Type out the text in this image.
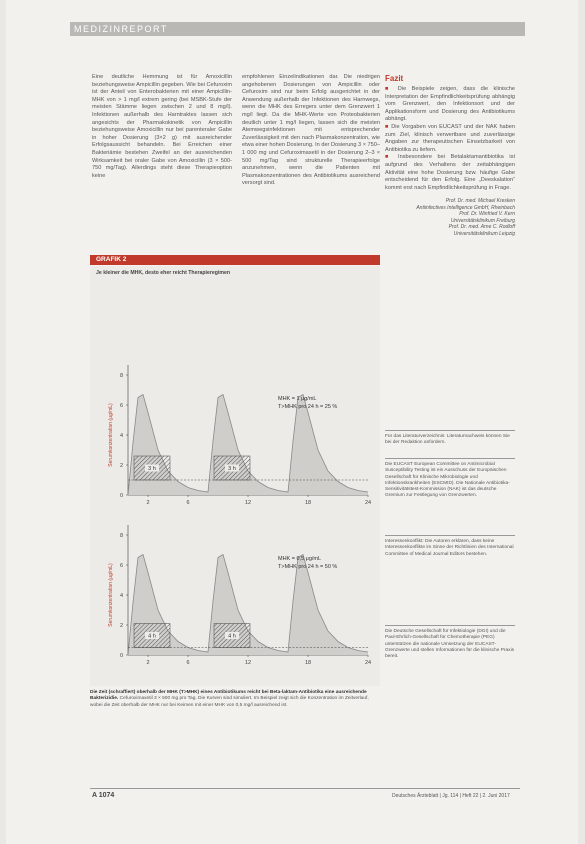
MEDIZINREPORT

Eine deutliche Hemmung ist für Amoxicillin beziehungsweise Ampicillin gegeben. Wie bei Cefuroxim ist der Anteil von Enterobakterien mit einer Ampicillin-MHK von > 1 mg/l extrem gering (bei MSBK-Stufe der meisten Stämme liegen zwischen 2 und 8 mg/l). Infektionen außerhalb des Harntraktes lassen sich angesichts der Pharmakokinetik von Ampicillin beziehungsweise Amoxicillin nur bei parenteraler Gabe in hoher Dosierung (3×2 g) mit ausreichender Erfolgsaussicht behandeln. Bei Erreichen einer Bakteriämie bestehen Zweifel an der ausreichenden Wirksamkeit bei oraler Gabe von Amoxicillin (3 × 500-750 mg/Tag). Allerdings steht diese Therapieoption keine

empfohlenen Einzelindikationen dar. Die niedrigen angehobenen Dosierungen von Ampicillin oder Cefuroxim sind nur beim Erfolg ausgerichtet in der Anwendung außerhalb der Infektionen des Harnwegs, wenn die MHK des Erregers unter dem Grenzwert 1 mg/l liegt. Da die MHK-Werte von Proteobakterien deutlich unter 1 mg/l liegen, lassen sich die meisten Atemwegsinfektionen mit entsprechender Zuverlässigkeit mit den nach Plasmakonzentration, wie etwa einer hohen Dosierung. In der Dosierung 3 × 750–1 000 mg und Cefuroximaxetil in der Dosierung 2–3 × 500 mg/Tag sind strukturelle Therapieerfolge anzunehmen, wenn die Patienten mit Plasmakonzentrationen des Antibiotikums ausreichend versorgt sind.

Fazit

■ Die Beispiele zeigen, dass die klinische Interpretation der Empfindlichkeitsprüfung abhängig vom Grenzwert, den Infektionsort und der Applikationsform und Dosierung des Antibiotikums abhängt.

■ Die Vorgaben von EUCAST und der NAK haben zum Ziel, klinisch verwertbare und zuverlässige Angaben zur therapeutischen Einsetzbarkeit von Antibiotika zu liefern.

■ Insbesondere bei Betalaktamantibiotika ist aufgrund des Verhaltens der zeitabhängigen Aktivität eine hohe Dosierung bzw. häufige Gabe entscheidend für den Erfolg. Eine „Deeskalation“ kommt erst nach Empfindlichkeitsprüfung in Frage.

Prof. Dr. med. Michael Kresken
Antiinfectives Intelligence GmbH, Rheinbach
Prof. Dr. Winfried V. Kern
Universitätsklinikum Freiburg
Prof. Dr. med. Arne C. Rodloff
Universitätsklinikum Leipzig
GRAFIK 2
Je kleiner die MHK, desto eher reicht Therapieregimen
0
2
4
6
8
2	6	12	18	24
Serumkonzentration (μg/mL)
3 h	3 h
MHK = 1 μg/mL
T>MHK pro 24 h = 25 %
0
2
4
6
8
2	6	12	18	24
Serumkonzentration (μg/mL)
4 h	4 h
MHK = 0,5 μg/mL
T>MHK pro 24 h = 50 %
Die Zeit (schraffiert) oberhalb der MHK (T>MHK) eines Antibiotikums reicht bei Beta-laktam-Antibiotika eine ausreichende Bakterizidie. Cefuroximaxetil 3 × 500 mg pro Tag. Die Kurven sind simuliert. Im Beispiel zeigt sich die Konzentration im Zeitverlauf, wobei die Zeit oberhalb der MHK nur bei Keimen mit einer MHK von 0,5 mg/l ausreichend ist.
Für das Literaturverzeichnis: Literaturnachweis können Sie bei der Redaktion anfordern.
Die EUCAST European Committee on Antimicrobial Susceptibility Testing ist ein Ausschuss der Europäischen Gesellschaft für Klinische Mikrobiologie und Infektionskrankheiten (ESCMID). Die Nationale Antibiotika-Sensitivitätstest-Kommission (NAK) ist das deutsche Gremium zur Festlegung von Grenzwerten.
Interessenkonflikt: Die Autoren erklären, dass keine Interessenkonflikte im Sinne der Richtlinien des International Committee of Medical Journal Editors bestehen.
Die Deutsche Gesellschaft für Infektiologie (DGI) und die Paul-Ehrlich-Gesellschaft für Chemotherapie (PEG) unterstützen die nationale Umsetzung der EUCAST-Grenzwerte und stellen Informationen für die klinische Praxis bereit.
A 1074	Deutsches Ärzteblatt | Jg. 114 | Heft 22 | 2. Juni 2017
